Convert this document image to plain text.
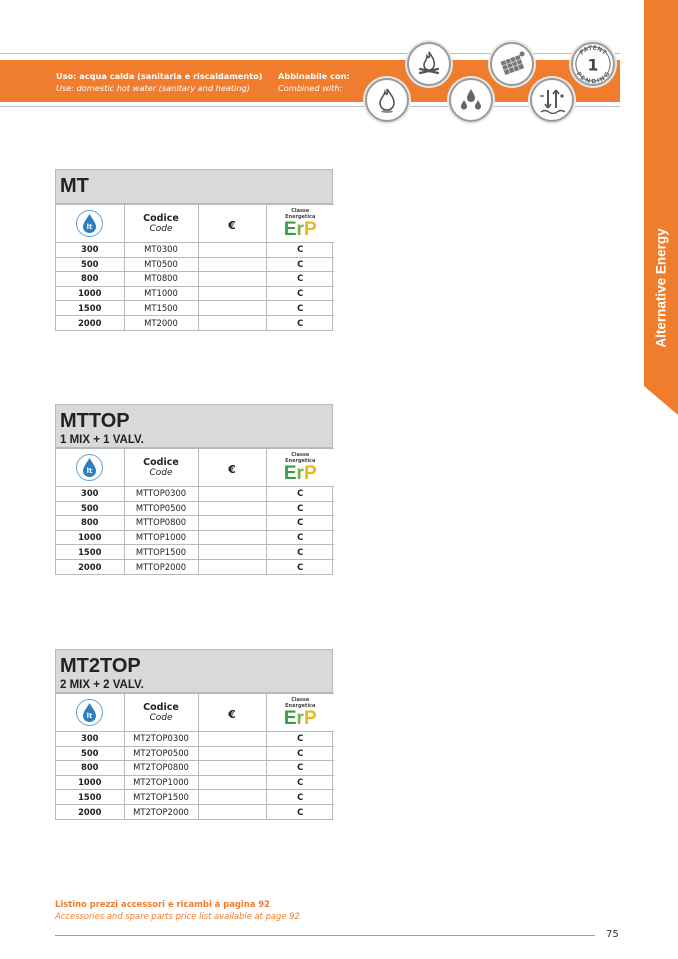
Uso: acqua calda (sanitaria e riscaldamento)
Use: domestic hot water (sanitary and heating)
Abbinabile con:
Combined with:
PATENT
1
PENDING
Alternative Energy
MT
lt	Codice
Code	€	Classe
Energetica
ErP

300	MT0300		C
500	MT0500		C
800	MT0800		C
1000	MT1000		C
1500	MT1500		C
2000	MT2000		C
MTTOP
1 MIX + 1 VALV.
lt	Codice
Code	€	Classe
Energetica
ErP

300	MTTOP0300		C
500	MTTOP0500		C
800	MTTOP0800		C
1000	MTTOP1000		C
1500	MTTOP1500		C
2000	MTTOP2000		C
MT2TOP
2 MIX + 2 VALV.
lt	Codice
Code	€	Classe
Energetica
ErP

300	MT2TOP0300		C
500	MT2TOP0500		C
800	MT2TOP0800		C
1000	MT2TOP1000		C
1500	MT2TOP1500		C
2000	MT2TOP2000		C
Listino prezzi accessori e ricambi a pagina 92
Accessories and spare parts price list available at page 92
75
